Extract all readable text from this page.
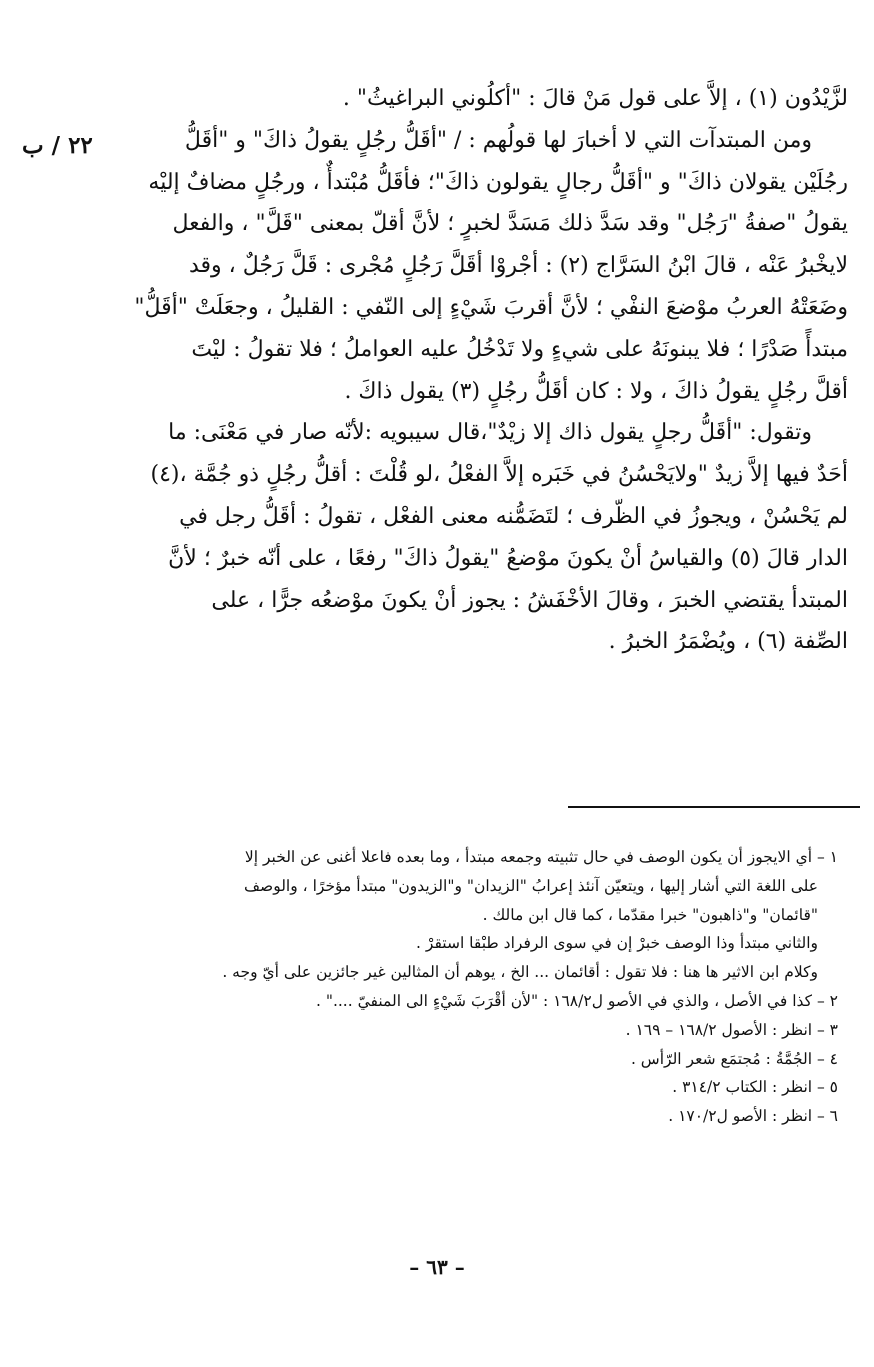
٢٢ / ب

لزَّيْدُون (١) ، إلاَّ على قول مَنْ قالَ : "أكلُوني البراغيثُ" .

ومن المبتدآت التي لا أخبارَ لها قولُهم : / "أقَلُّ رجُلٍ يقولُ ذاكَ" و "أقَلُّ

رجُلَيْن يقولان ذاكَ" و "أقَلُّ رجالٍ يقولون ذاكَ"؛ فأقَلُّ مُبْتدأٌ ، ورجُلٍ مضافٌ إليْه

يقولُ "صفةُ "رَجُل" وقد سَدَّ ذلك مَسَدَّ لخبرٍ ؛ لأنَّ أقلّ بمعنى "قَلَّ" ، والفعل

لايخْبرُ عَنْه ، قالَ ابْنُ السَرَّاج (٢) : أجْروْا أقَلَّ رَجُلٍ مُجْرى : قَلَّ رَجُلٌ ، وقد

وضَعَتْهُ العربُ موْضعَ النفْي ؛ لأنَّ أقربَ شَيْءٍ إلى النّفي : القليلُ ، وجعَلَتْ "أقَلُّ"

مبتدأً صَدْرًا ؛ فلا يبنونَهُ على شيءٍ ولا تَدْخُلُ عليه العواملُ ؛ فلا تقولُ : ليْتَ

أقلَّ رجُلٍ يقولُ ذاكَ ، ولا : كان أقَلُّ رجُلٍ (٣) يقول ذاكَ .

وتقول: "أقَلُّ رجلٍ يقول ذاك إلا زيْدٌ"،قال سيبويه :لأنّه صار في مَعْنَى: ما

أحَدٌ فيها إلاَّ زيدٌ "ولايَحْسُنُ في خَبَره إلاَّ الفعْلُ ،لو قُلْتَ : أقلُّ رجُلٍ ذو جُمَّة ،(٤)

لم يَحْسُنْ ، ويجوزُ في الظّرف ؛ لتَضَمُّنه معنى الفعْل ، تقولُ : أقَلُّ رجل في

الدار قالَ (٥) والقياسُ أنْ يكونَ موْضعُ "يقولُ ذاكَ" رفعًا ، على أنّه خبرٌ ؛ لأنَّ

المبتدأ يقتضي الخبرَ ، وقالَ الأخْفَشُ : يجوز أنْ يكونَ موْضعُه جرًّا ، على

الصِّفة (٦) ، ويُضْمَرُ الخبرُ .

١ – أي الايجوز أن يكون الوصف في حال تثبيته وجمعه مبتدأ ، وما بعده فاعلا أغنى عن الخبر إلا

على اللغة التي أشار إليها ، ويتعيّن آنئذ إعرابُ "الزيدان" و"الزيدون" مبتدأ مؤخرًا ، والوصف

"قائمان" و"ذاهبون" خبرا مقدّما ، كما قال ابن مالك .

والثاني مبتدأ وذا الوصف خبرْ إن في سوى الرفراد طبْقا استقرْ .

وكلام ابن الاثير ها هنا : فلا تقول : أقائمان ... الخ ، يوهم أن المثالين غير جائزين على أيّ وجه .

٢ – كذا في الأصل ، والذي في الأصو ل١٦٨/٢ : "لأن أقْرَبَ شَيْءٍ الى المنفيّ ...." .

٣ – انظر : الأصول ١٦٨/٢ – ١٦٩ .

٤ – الجُمَّةُ : مُجتمَع شعر الرّأس .

٥ – انظر : الكتاب ٣١٤/٢ .

٦ – انظر : الأصو ل١٧٠/٢ .

– ٦٣ –
